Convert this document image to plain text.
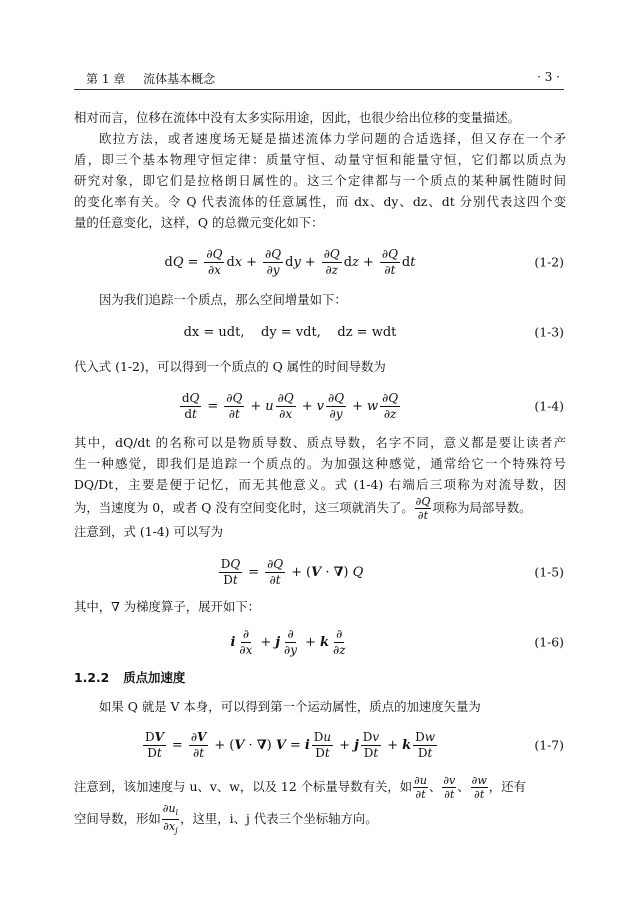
第 1 章 流体基本概念	· 3 ·
相对而言，位移在流体中没有太多实际用途，因此，也很少给出位移的变量描述。
欧拉方法，或者速度场无疑是描述流体力学问题的合适选择，但又存在一个矛
盾，即三个基本物理守恒定律：质量守恒、动量守恒和能量守恒，它们都以质点为
研究对象，即它们是拉格朗日属性的。这三个定律都与一个质点的某种属性随时间
的变化率有关。令 Q 代表流体的任意属性，而 dx、dy、dz、dt 分别代表这四个变
量的任意变化，这样，Q 的总微元变化如下：
d $Q = \frac{\partial Q}{\partial x}$ d $x + \frac{\partial Q}{\partial y}$ d $y + \frac{\partial Q}{\partial z}$ d $z + \frac{\partial Q}{\partial t}$ d t	(1-2)
因为我们追踪一个质点，那么空间增量如下：
dx = udt,    dy = vdt,    dz = wdt	(1-3)
代入式 (1-2)，可以得到一个质点的 Q 属性的时间导数为
$\frac{dQ}{dt} = \frac{\partial Q}{\partial t} + u \frac{\partial Q}{\partial x} + v \frac{\partial Q}{\partial y} + w \frac{\partial Q}{\partial z}$	(1-4)
其中，dQ/dt 的名称可以是物质导数、质点导数，名字不同，意义都是要让读者产
生一种感觉，即我们是追踪一个质点的。为加强这种感觉，通常给它一个特殊符号
DQ/Dt，主要是便于记忆，而无其他意义。式 (1-4) 右端后三项称为对流导数，因
为，当速度为 0，或者 Q 没有空间变化时，这三项就消失了。 $\frac{\partial Q}{\partial t}$ 项称为局部导数。
注意到，式 (1-4) 可以写为
$\frac{DQ}{Dt} = \frac{\partial Q}{\partial t}$ + ( V · ∇ ) Q	(1-5)
其中，∇ 为梯度算子，展开如下：
i $\frac{\partial}{\partial x} + j \frac{\partial}{\partial y} + k \frac{\partial}{\partial z}$	(1-6)
1.2.2 质点加速度
如果 Q 就是 V 本身，可以得到第一个运动属性，质点的加速度矢量为
$\frac{DV}{Dt} = \frac{\partial V}{\partial t}$ + ( V · ∇ ) V = i $\frac{Du}{Dt} + j \frac{Dv}{Dt} + k \frac{Dw}{Dt}$	(1-7)
注意到，该加速度与 u、v、w，以及 12 个标量导数有关，如 $\frac{\partial u}{\partial t}$ 、 $\frac{\partial v}{\partial t}$ 、 $\frac{\partial w}{\partial t}$ ，还有
空间导数，形如 $\frac{\partial u_i}{\partial x_j}$ ，这里，i、j 代表三个坐标轴方向。
